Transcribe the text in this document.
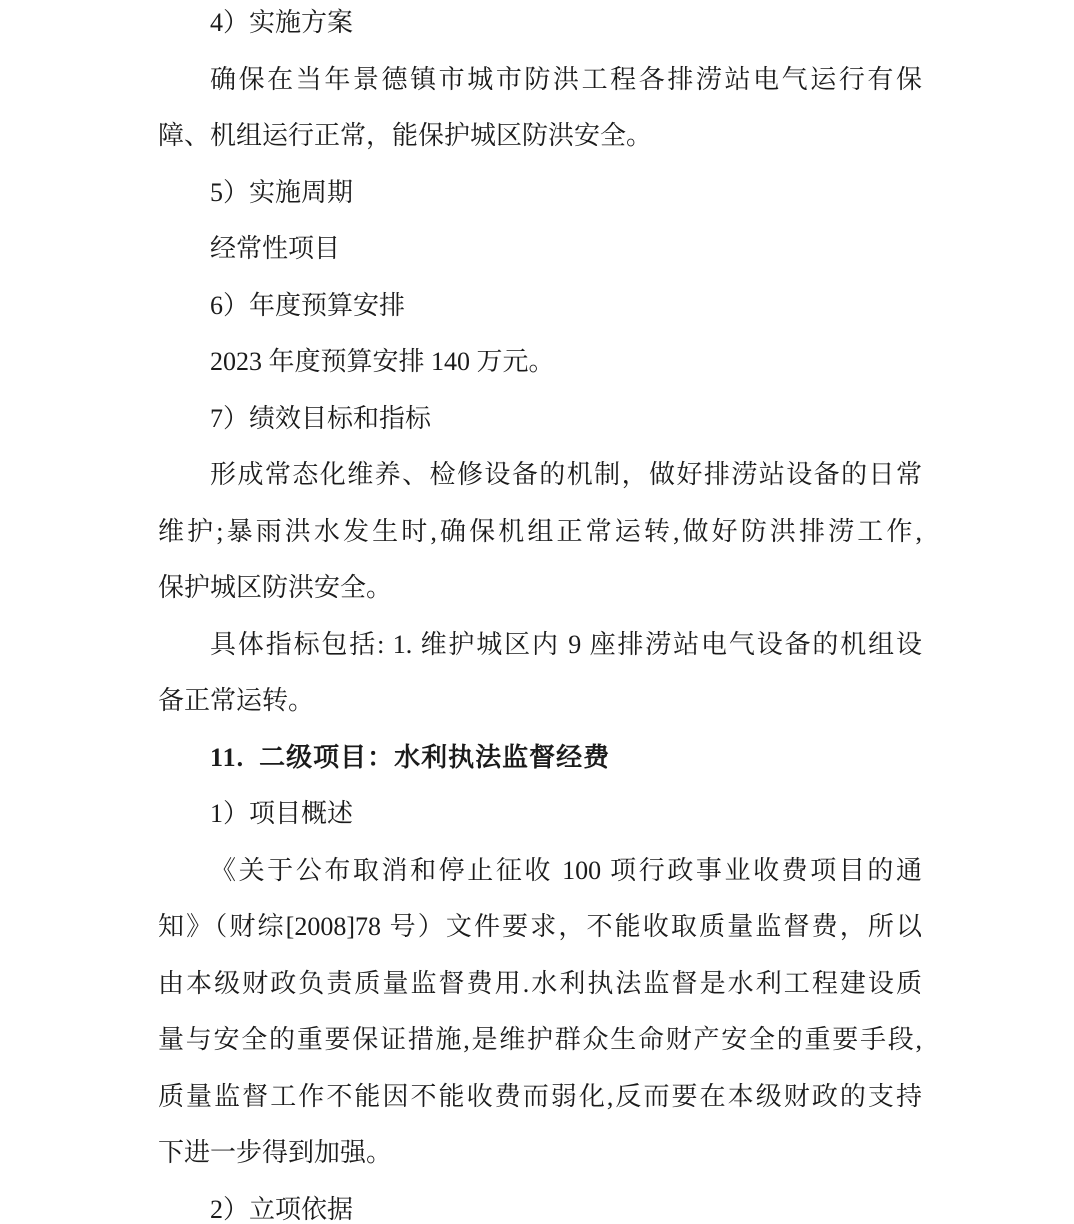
4）实施方案
确保在当年景德镇市城市防洪工程各排涝站电气运行有保
障、机组运行正常，能保护城区防洪安全。
5）实施周期
经常性项目
6）年度预算安排
2023 年度预算安排 140 万元。
7）绩效目标和指标
形成常态化维养、检修设备的机制，做好排涝站设备的日常
维护;暴雨洪水发生时,确保机组正常运转,做好防洪排涝工作,
保护城区防洪安全。
具体指标包括: 1. 维护城区内 9 座排涝站电气设备的机组设
备正常运转。
11.  二级项目：水利执法监督经费
1）项目概述
《关于公布取消和停止征收 100 项行政事业收费项目的通
知》（财综[2008]78 号）文件要求，不能收取质量监督费，所以
由本级财政负责质量监督费用.水利执法监督是水利工程建设质
量与安全的重要保证措施,是维护群众生命财产安全的重要手段,
质量监督工作不能因不能收费而弱化,反而要在本级财政的支持
下进一步得到加强。
2）立项依据
